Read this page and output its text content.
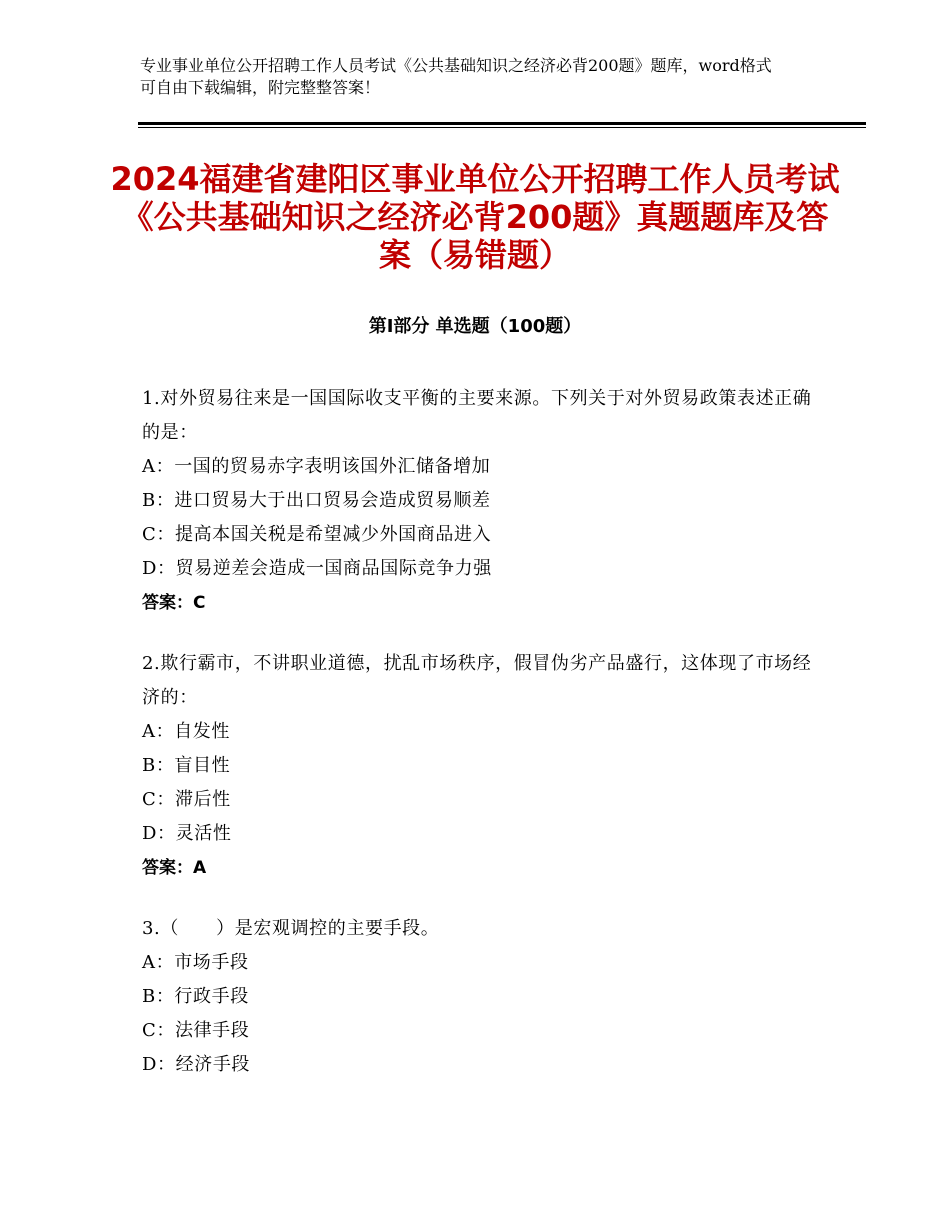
专业事业单位公开招聘工作人员考试《公共基础知识之经济必背200题》题库，word格式可自由下载编辑，附完整整答案！
2024福建省建阳区事业单位公开招聘工作人员考试《公共基础知识之经济必背200题》真题题库及答案（易错题）
第Ⅰ部分 单选题（100题）
1.对外贸易往来是一国国际收支平衡的主要来源。下列关于对外贸易政策表述正确的是：
A：一国的贸易赤字表明该国外汇储备增加
B：进口贸易大于出口贸易会造成贸易顺差
C：提高本国关税是希望减少外国商品进入
D：贸易逆差会造成一国商品国际竞争力强
答案：C
2.欺行霸市，不讲职业道德，扰乱市场秩序，假冒伪劣产品盛行，这体现了市场经济的：
A：自发性
B：盲目性
C：滞后性
D：灵活性
答案：A
3.（　　）是宏观调控的主要手段。
A：市场手段
B：行政手段
C：法律手段
D：经济手段
